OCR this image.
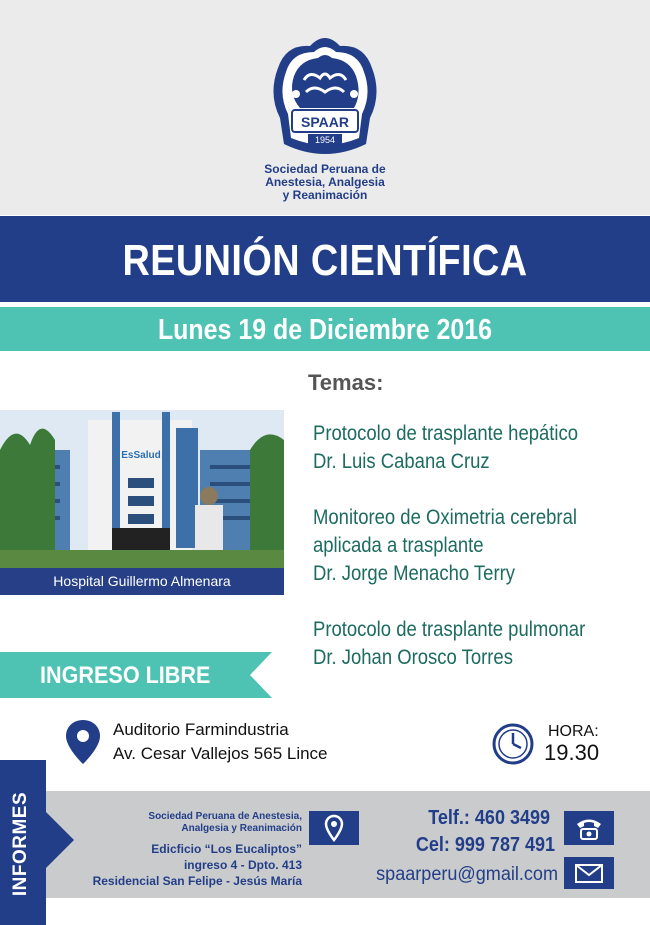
SPAAR
1954
Sociedad Peruana de
Anestesia, Analgesia
y Reanimación
REUNIÓN CIENTÍFICA
Lunes 19 de Diciembre 2016
Temas:
Protocolo de trasplante hepático
Dr. Luis Cabana Cruz
Monitoreo de Oximetria cerebral
aplicada a trasplante
Dr. Jorge Menacho Terry
Protocolo de trasplante pulmonar
Dr. Johan Orosco Torres
EsSalud
Hospital Guillermo Almenara
INGRESO LIBRE
Auditorio Farmindustria
Av. Cesar Vallejos 565 Lince
HORA:
19.30
INFORMES	Sociedad Peruana de Anestesia,
Analgesia y Reanimación
Edicficio “Los Eucaliptos”
ingreso 4 - Dpto. 413
Residencial San Felipe - Jesús María
Telf.: 460 3499
Cel: 999 787 491
spaarperu@gmail.com
